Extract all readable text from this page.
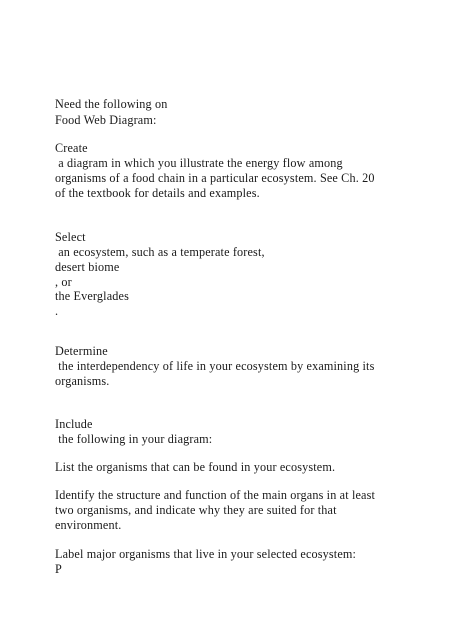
Need the following on
Food Web Diagram:
Create
a diagram in which you illustrate the energy flow among
organisms of a food chain in a particular ecosystem. See Ch. 20
of the textbook for details and examples.
Select
an ecosystem, such as a temperate forest,
desert biome
, or
the Everglades
.
Determine
the interdependency of life in your ecosystem by examining its
organisms.
Include
the following in your diagram:
List the organisms that can be found in your ecosystem.
Identify the structure and function of the main organs in at least
two organisms, and indicate why they are suited for that
environment.
Label major organisms that live in your selected ecosystem:
P
